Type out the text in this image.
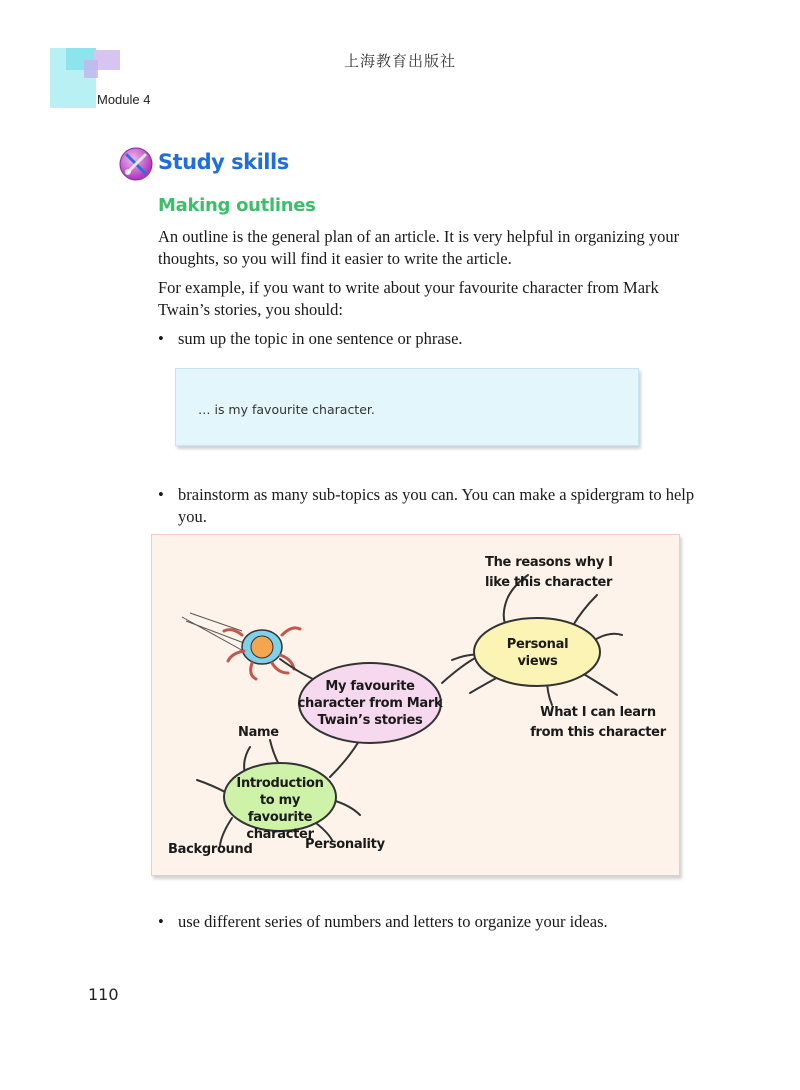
上海教育出版社
Module 4
Study skills
Making outlines
An outline is the general plan of an article. It is very helpful in organizing your thoughts, so you will find it easier to write the article.
For example, if you want to write about your favourite character from Mark Twain’s stories, you should:
• sum up the topic in one sentence or phrase.
… is my favourite character.
• brainstorm as many sub-topics as you can. You can make a spidergram to help you.
My favourite character from Mark Twain’s stories
Personal views
Introduction to my favourite character
The reasons why I like this character
What I can learn from this character
Name
Background	Personality
• use different series of numbers and letters to organize your ideas.
110
